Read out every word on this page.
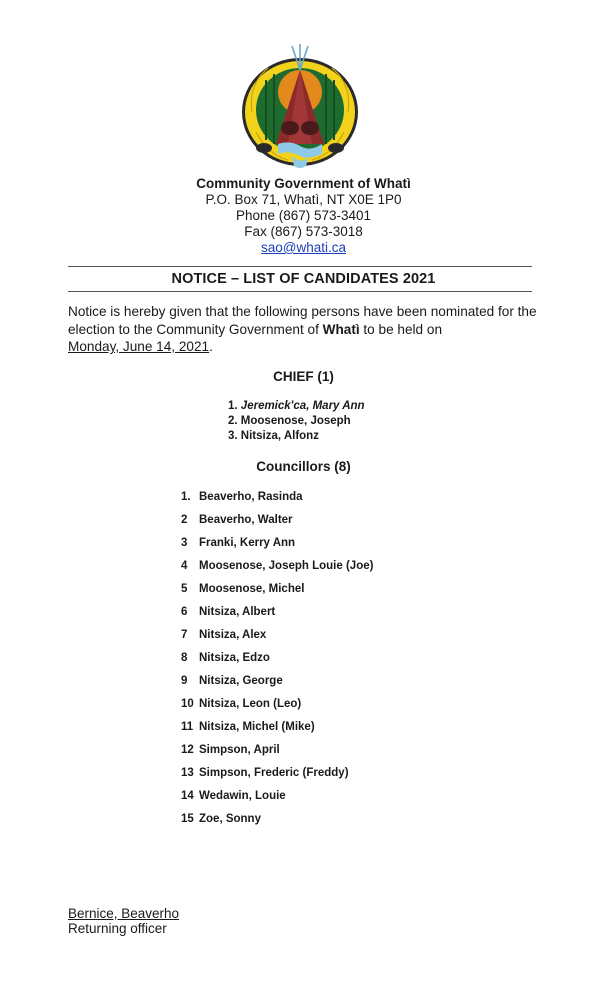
Community Government of Whatì
P.O. Box 71, Whatì, NT X0E 1P0
Phone (867) 573-3401
Fax (867) 573-3018
sao@whati.ca
NOTICE – LIST OF CANDIDATES 2021
Notice is hereby given that the following persons have been nominated for the election to the Community Government of Whatì to be held on
Monday, June 14, 2021.
CHIEF (1)
1. Jeremick'ca, Mary Ann
2. Moosenose, Joseph
3. Nitsiza, Alfonz
Councillors (8)
1. Beaverho, Rasinda
2 Beaverho, Walter
3 Franki, Kerry Ann
4 Moosenose, Joseph Louie (Joe)
5 Moosenose, Michel
6 Nitsiza, Albert
7 Nitsiza, Alex
8 Nitsiza, Edzo
9 Nitsiza, George
10 Nitsiza, Leon (Leo)
11 Nitsiza, Michel (Mike)
12 Simpson, April
13 Simpson, Frederic (Freddy)
14 Wedawin, Louie
15 Zoe, Sonny
Bernice, Beaverho
Returning officer
